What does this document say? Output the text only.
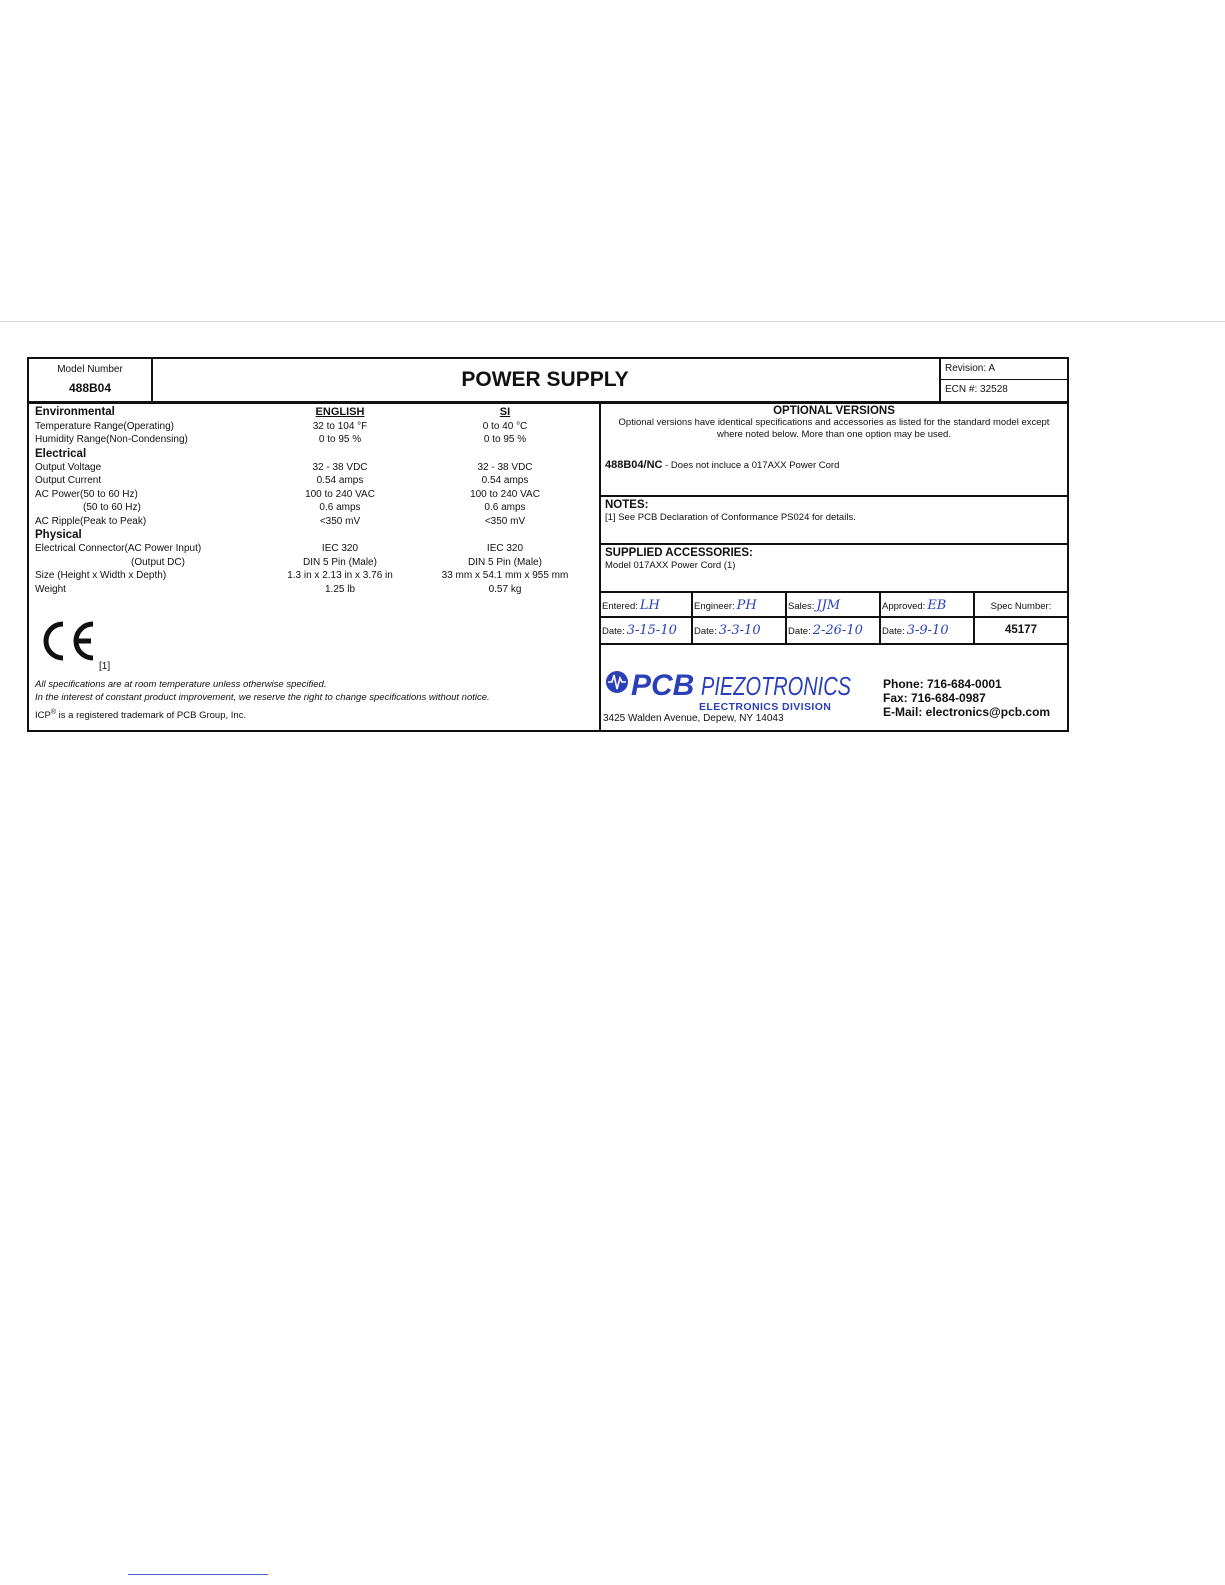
Model Number
488B04	POWER SUPPLY	Revision: A
ECN #: 32528
Environmental	ENGLISH	SI
Temperature Range(Operating)	32 to 104 °F	0 to 40 °C
Humidity Range(Non-Condensing)	0 to 95 %	0 to 95 %
Electrical
Output Voltage	32 - 38 VDC	32 - 38 VDC
Output Current	0.54 amps	0.54 amps
AC Power(50 to 60 Hz)	100 to 240 VAC	100 to 240 VAC
(50 to 60 Hz)	0.6 amps	0.6 amps
AC Ripple(Peak to Peak)	<350 mV	<350 mV
Physical
Electrical Connector(AC Power Input)	IEC 320	IEC 320
(Output DC)	DIN 5 Pin (Male)	DIN 5 Pin (Male)
Size (Height x Width x Depth)	1.3 in x 2.13 in x 3.76 in	33 mm x 54.1 mm x 955 mm
Weight	1.25 lb	0.57 kg
[1]
All specifications are at room temperature unless otherwise specified.
In the interest of constant product improvement, we reserve the right to change specifications without notice.
ICP® is a registered trademark of PCB Group, Inc.
OPTIONAL VERSIONS
Optional versions have identical specifications and accessories as listed for the standard model except where noted below. More than one option may be used.
488B04/NC - Does not incluce a 017AXX Power Cord
NOTES:
[1] See PCB Declaration of Conformance PS024 for details.
SUPPLIED ACCESSORIES:
Model 017AXX Power Cord (1)
Entered: LH	Engineer: PH	Sales: JJM	Approved: EB
Date: 3-15-10	Date: 3-3-10	Date: 2-26-10	Date: 3-9-10
Spec Number:
45177
PCB PIEZOTRONICS
ELECTRONICS DIVISION
3425 Walden Avenue, Depew, NY 14043
Phone: 716-684-0001
Fax: 716-684-0987
E-Mail: electronics@pcb.com
